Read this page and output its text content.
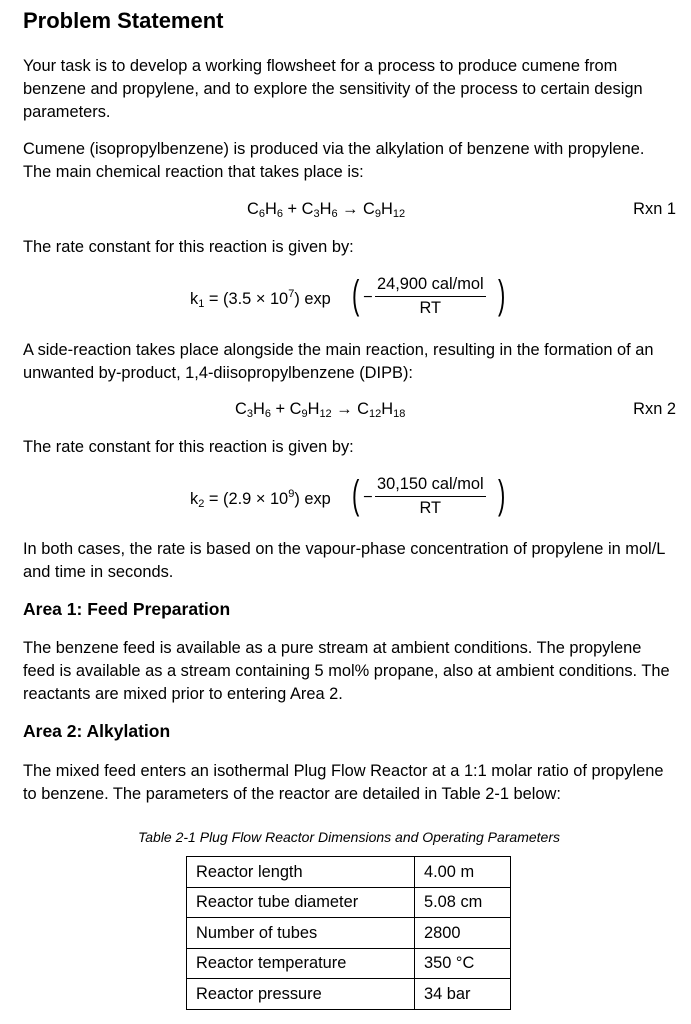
Problem Statement

Your task is to develop a working flowsheet for a process to produce cumene from benzene and propylene, and to explore the sensitivity of the process to certain design parameters.

Cumene (isopropylbenzene) is produced via the alkylation of benzene with propylene. The main chemical reaction that takes place is:

$C_6H_6 + C_3H_6 \to C_9H_{12}$	Rxn 1

The rate constant for this reaction is given by:

$k_1 = (3.5 \times 10^7)$ exp ( −
24,900 cal/mol
RT	)

A side-reaction takes place alongside the main reaction, resulting in the formation of an unwanted by-product, 1,4-diisopropylbenzene (DIPB):

$C_3H_6 + C_9H_{12} \to C_{12}H_{18}$	Rxn 2

The rate constant for this reaction is given by:

$k_2 = (2.9 \times 10^9)$ exp ( −
30,150 cal/mol
RT	)

In both cases, the rate is based on the vapour-phase concentration of propylene in mol/L and time in seconds.

Area 1: Feed Preparation

The benzene feed is available as a pure stream at ambient conditions. The propylene feed is available as a stream containing 5 mol% propane, also at ambient conditions. The reactants are mixed prior to entering Area 2.

Area 2: Alkylation

The mixed feed enters an isothermal Plug Flow Reactor at a 1:1 molar ratio of propylene to benzene. The parameters of the reactor are detailed in Table 2-1 below:

Table 2-1 Plug Flow Reactor Dimensions and Operating Parameters
Reactor length	4.00 m
Reactor tube diameter	5.08 cm
Number of tubes	2800
Reactor temperature	350 °C
Reactor pressure	34 bar
